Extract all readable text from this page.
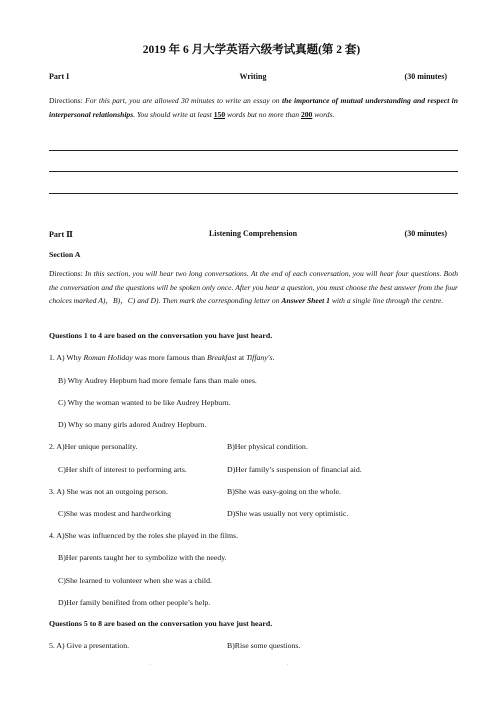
2019 年 6 月大学英语六级考试真题(第 2 套)
Part I	Writing	(30 minutes)
Directions: For this part, you are allowed 30 minutes to write an essay on the importance of mutual understanding and respect in interpersonal relationships. You should write at least 150 words but no more than 200 words.
Part Ⅱ	Listening Comprehension	(30 minutes)
Section A
Directions: In this section, you will hear two long conversations. At the end of each conversation, you will hear four questions. Both the conversation and the questions will be spoken only once. After you hear a question, you must choose the best answer from the four choices marked A)，B)，C) and D). Then mark the corresponding letter on Answer Sheet 1 with a single line through the centre.
Questions 1 to 4 are based on the conversation you have just heard.
1. A) Why Roman Holiday was more famous than Breakfast at Tiffany's.
B) Why Audrey Hepburn had more female fans than male ones.
C) Why the woman wanted to be like Audrey Hepburn.
D) Why so many girls adored Audrey Hepburn.
2. A)Her unique personality.	B)Her physical condition.
C)Her shift of interest to performing arts.	D)Her family’s suspension of financial aid.
3. A) She was not an outgoing person.	B)She was easy-going on the whole.
C)She was modest and hardworking	D)She was usually not very optimistic.
4. A)She was influenced by the roles she played in the films.
B)Her parents taught her to symbolize with the needy.
C)She learned to volunteer when she was a child.
D)Her family benifited from other people’s help.
Questions 5 to 8 are based on the conversation you have just heard.
5. A) Give a presentation.	B)Rise some questions.
.	.
